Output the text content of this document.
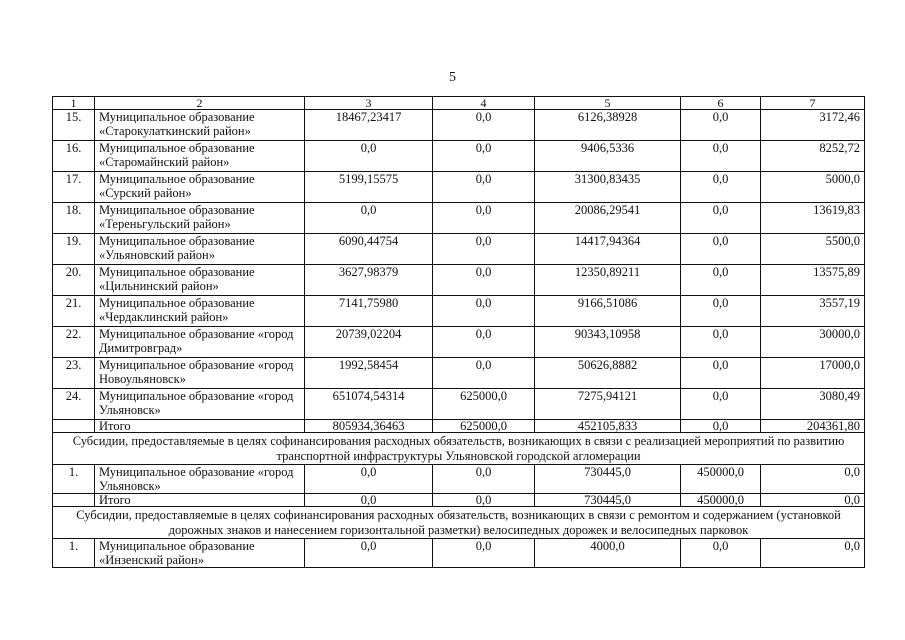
5
1	2	3	4	5	6	7
15.	Муниципальное образование «Старокулаткинский район»	18467,23417	0,0	6126,38928	0,0	3172,46
16.	Муниципальное образование «Старомайнский район»	0,0	0,0	9406,5336	0,0	8252,72
17.	Муниципальное образование «Сурский район»	5199,15575	0,0	31300,83435	0,0	5000,0
18.	Муниципальное образование «Тереньгульский район»	0,0	0,0	20086,29541	0,0	13619,83
19.	Муниципальное образование «Ульяновский район»	6090,44754	0,0	14417,94364	0,0	5500,0
20.	Муниципальное образование «Цильнинский район»	3627,98379	0,0	12350,89211	0,0	13575,89
21.	Муниципальное образование «Чердаклинский район»	7141,75980	0,0	9166,51086	0,0	3557,19
22.	Муниципальное образование «город Димитровград»	20739,02204	0,0	90343,10958	0,0	30000,0
23.	Муниципальное образование «город Новоульяновск»	1992,58454	0,0	50626,8882	0,0	17000,0
24.	Муниципальное образование «город Ульяновск»	651074,54314	625000,0	7275,94121	0,0	3080,49
	Итого	805934,36463	625000,0	452105,833	0,0	204361,80
Субсидии, предоставляемые в целях софинансирования расходных обязательств, возникающих в связи с реализацией мероприятий по развитию транспортной инфраструктуры Ульяновской городской агломерации						
1.	Муниципальное образование «город Ульяновск»	0,0	0,0	730445,0	450000,0	0,0
	Итого	0,0	0,0	730445,0	450000,0	0,0
Субсидии, предоставляемые в целях софинансирования расходных обязательств, возникающих в связи с ремонтом и содержанием (установкой дорожных знаков и нанесением горизонтальной разметки) велосипедных дорожек и велосипедных парковок						
1.	Муниципальное образование «Инзенский район»	0,0	0,0	4000,0	0,0	0,0
